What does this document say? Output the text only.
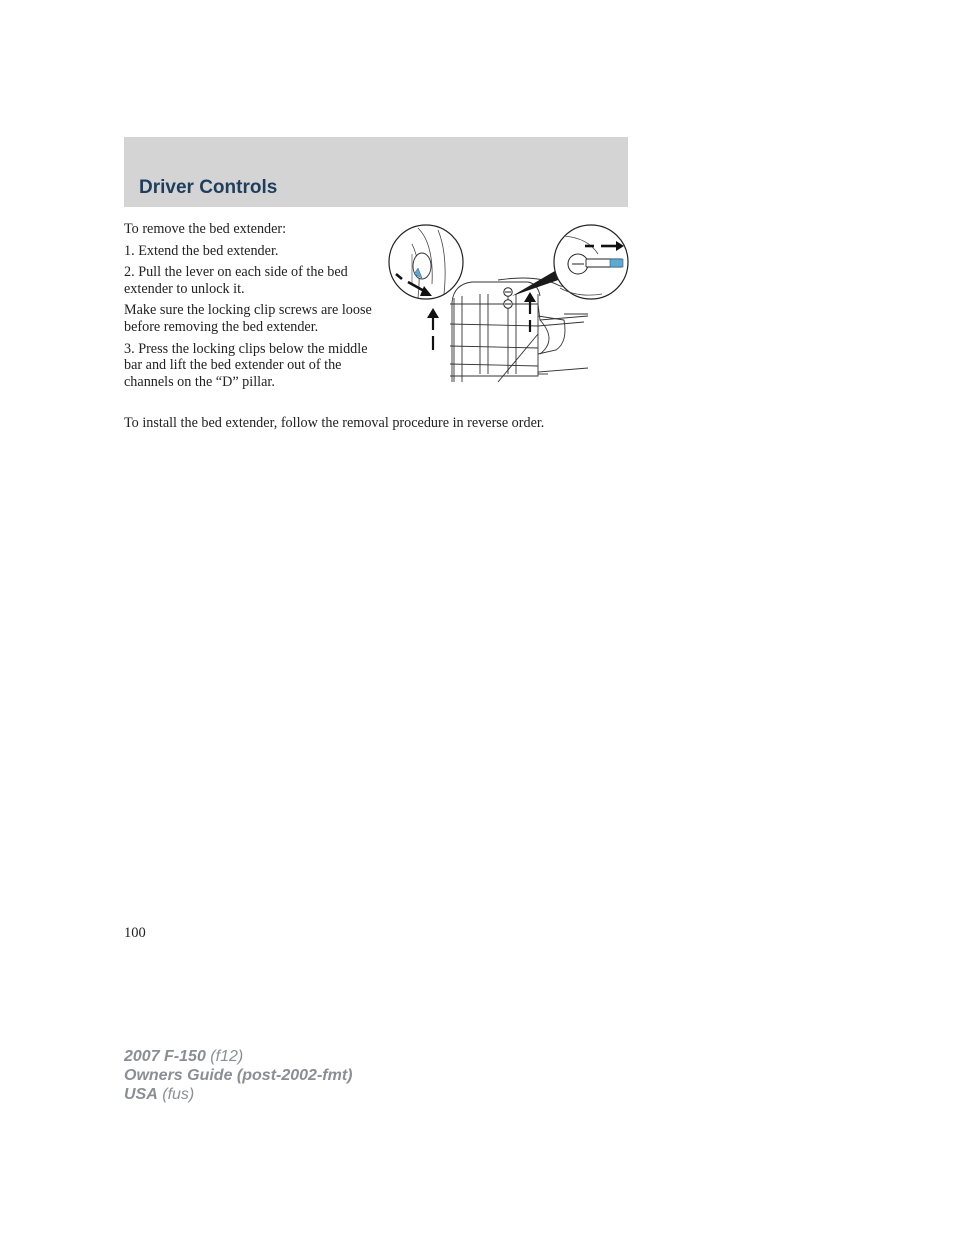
Driver Controls

To remove the bed extender:

1. Extend the bed extender.

2. Pull the lever on each side of the bed extender to unlock it.

Make sure the locking clip screws are loose before removing the bed extender.

3. Press the locking clips below the middle bar and lift the bed extender out of the channels on the “D” pillar.

To install the bed extender, follow the removal procedure in reverse order.

100

2007 F-150 (f12)
Owners Guide (post-2002-fmt)
USA (fus)
